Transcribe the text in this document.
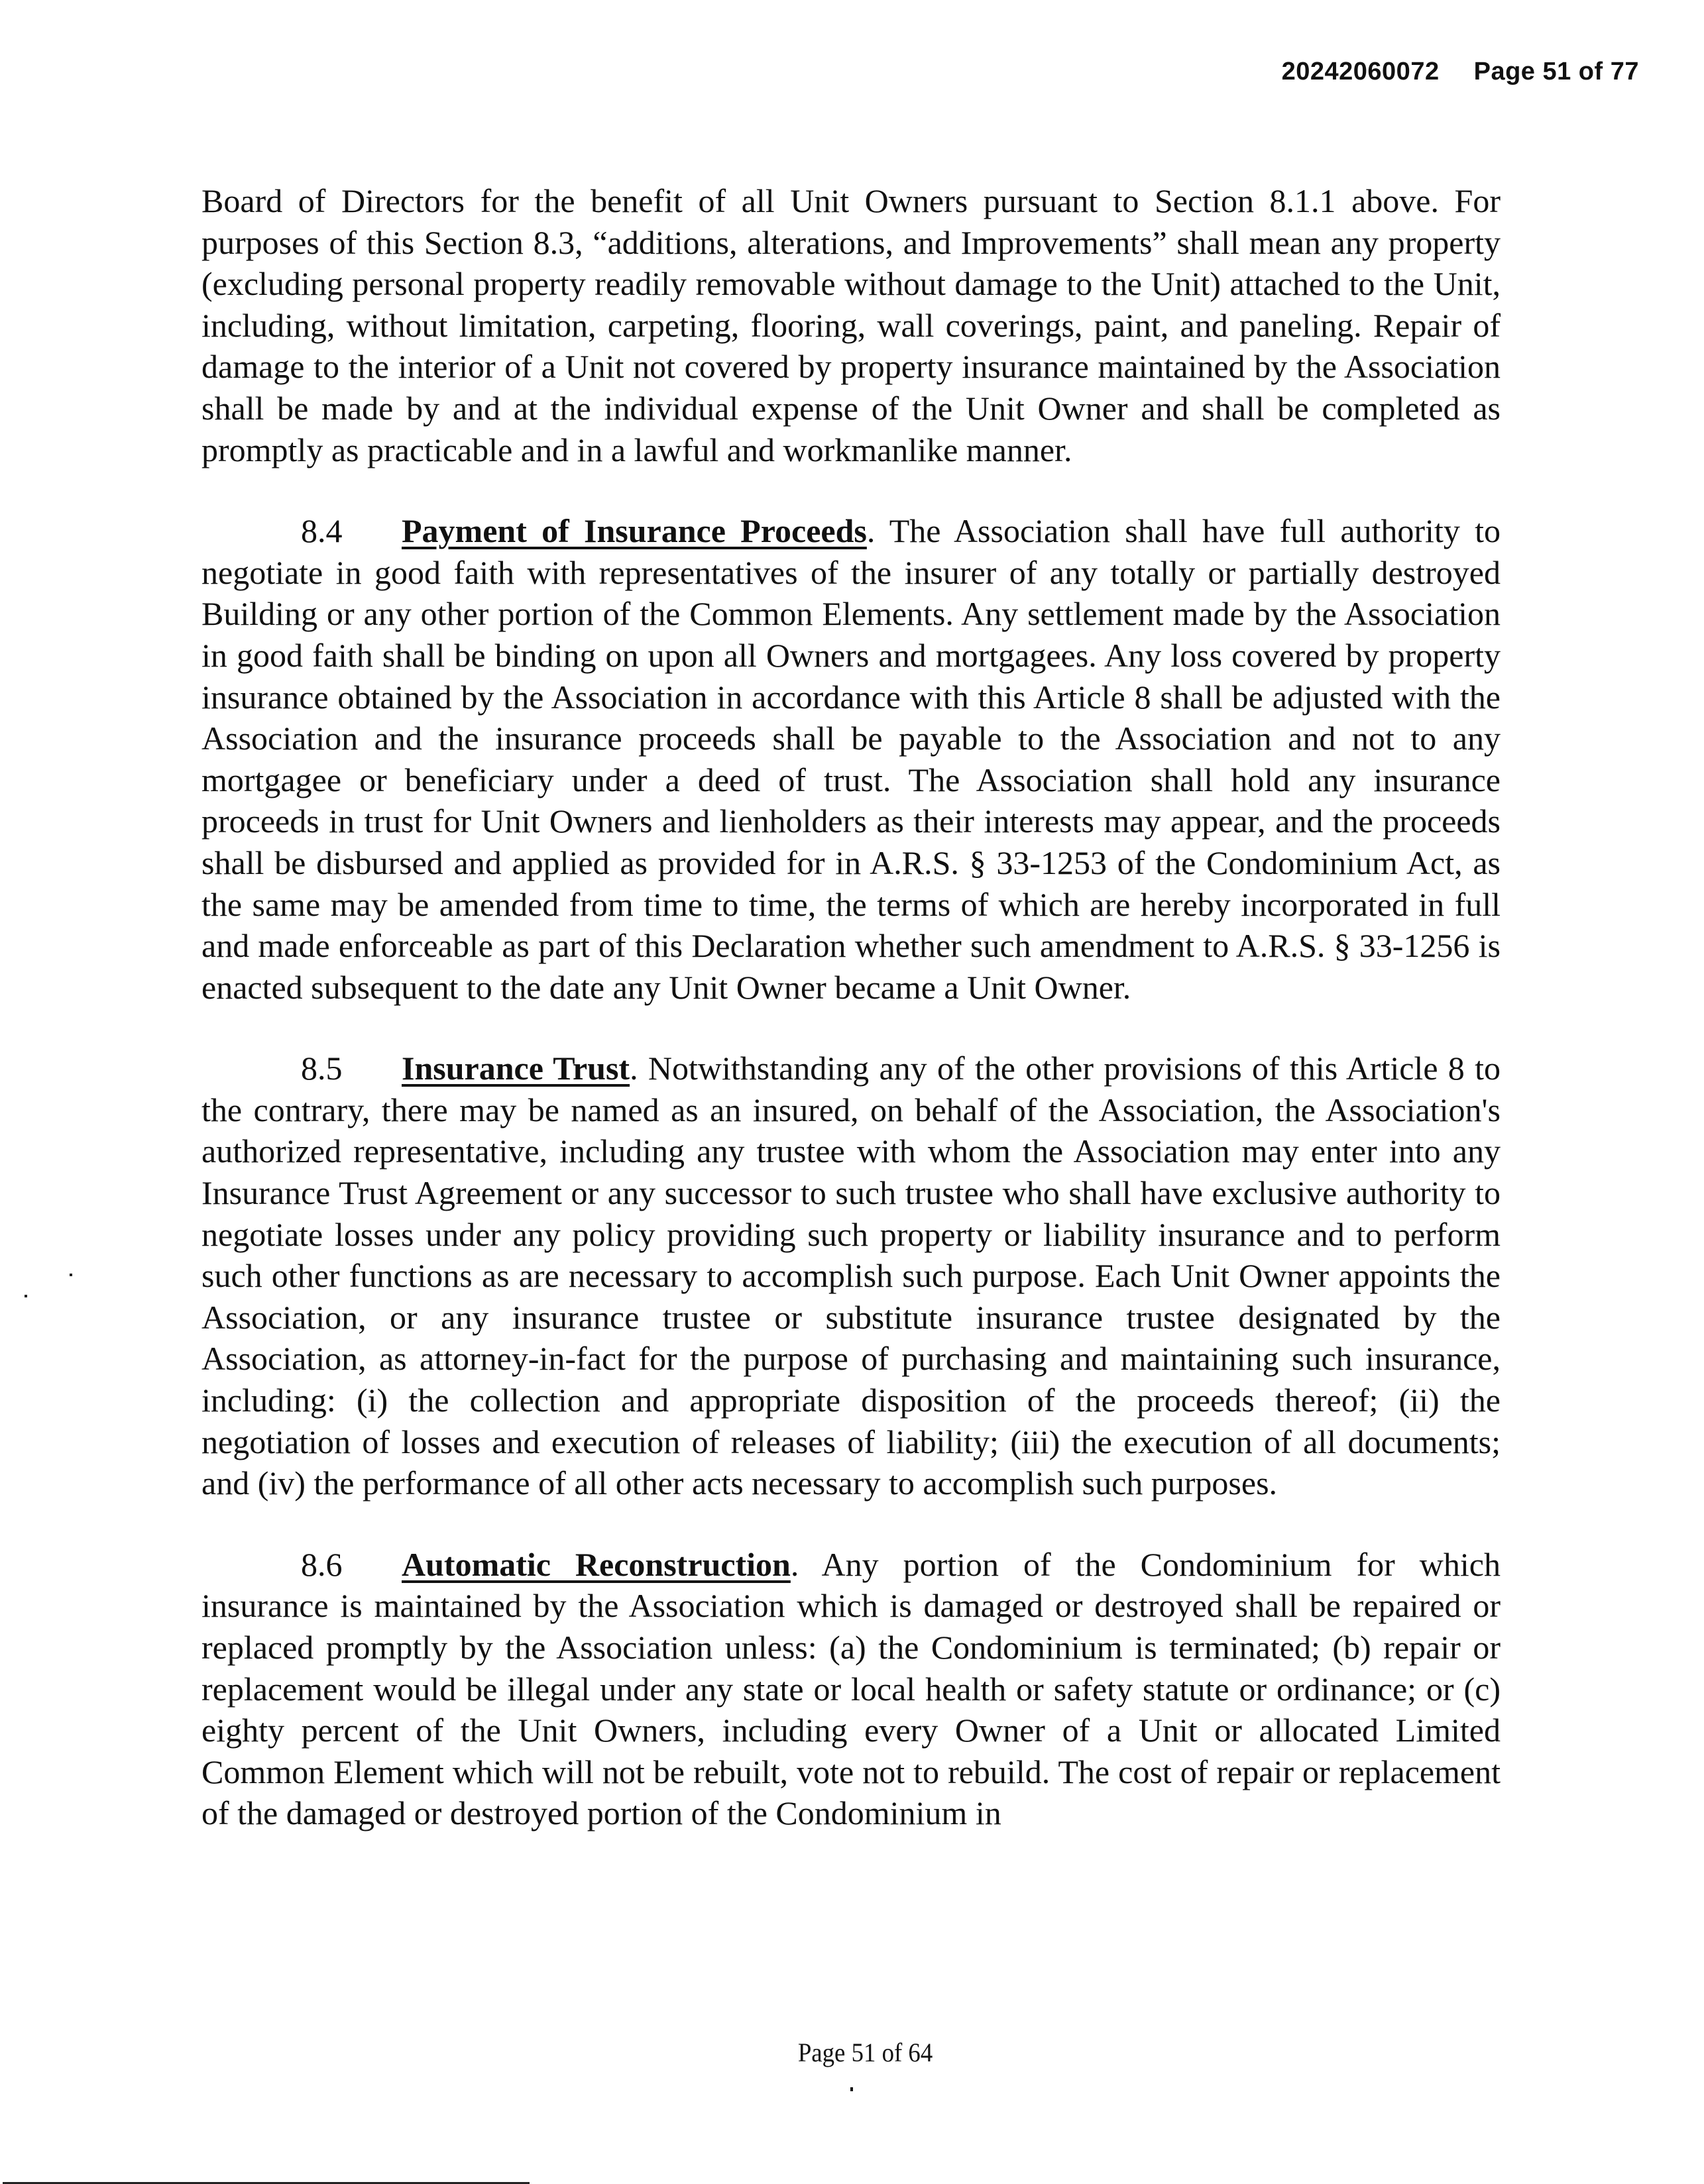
20242060072 Page 51 of 77

Board of Directors for the benefit of all Unit Owners pursuant to Section 8.1.1 above. For purposes of this Section 8.3, “additions, alterations, and Improvements” shall mean any property (excluding personal property readily removable without damage to the Unit) attached to the Unit, including, without limitation, carpeting, flooring, wall coverings, paint, and paneling. Repair of damage to the interior of a Unit not covered by property insurance maintained by the Association shall be made by and at the individual expense of the Unit Owner and shall be completed as promptly as practicable and in a lawful and workmanlike manner.

8.4 Payment of Insurance Proceeds. The Association shall have full authority to negotiate in good faith with representatives of the insurer of any totally or partially destroyed Building or any other portion of the Common Elements. Any settlement made by the Association in good faith shall be binding on upon all Owners and mortgagees. Any loss covered by property insurance obtained by the Association in accordance with this Article 8 shall be adjusted with the Association and the insurance proceeds shall be payable to the Association and not to any mortgagee or beneficiary under a deed of trust. The Association shall hold any insurance proceeds in trust for Unit Owners and lienholders as their interests may appear, and the proceeds shall be disbursed and applied as provided for in A.R.S. § 33-1253 of the Condominium Act, as the same may be amended from time to time, the terms of which are hereby incorporated in full and made enforceable as part of this Declaration whether such amendment to A.R.S. § 33-1256 is enacted subsequent to the date any Unit Owner became a Unit Owner.

8.5 Insurance Trust. Notwithstanding any of the other provisions of this Article 8 to the contrary, there may be named as an insured, on behalf of the Association, the Association's authorized representative, including any trustee with whom the Association may enter into any Insurance Trust Agreement or any successor to such trustee who shall have exclusive authority to negotiate losses under any policy providing such property or liability insurance and to perform such other functions as are necessary to accomplish such purpose. Each Unit Owner appoints the Association, or any insurance trustee or substitute insurance trustee designated by the Association, as attorney-in-fact for the purpose of purchasing and maintaining such insurance, including: (i) the collection and appropriate disposition of the proceeds thereof; (ii) the negotiation of losses and execution of releases of liability; (iii) the execution of all documents; and (iv) the performance of all other acts necessary to accomplish such purposes.

8.6 Automatic Reconstruction. Any portion of the Condominium for which insurance is maintained by the Association which is damaged or destroyed shall be repaired or replaced promptly by the Association unless: (a) the Condominium is terminated; (b) repair or replacement would be illegal under any state or local health or safety statute or ordinance; or (c) eighty percent of the Unit Owners, including every Owner of a Unit or allocated Limited Common Element which will not be rebuilt, vote not to rebuild. The cost of repair or replacement of the damaged or destroyed portion of the Condominium in

Page 51 of 64
